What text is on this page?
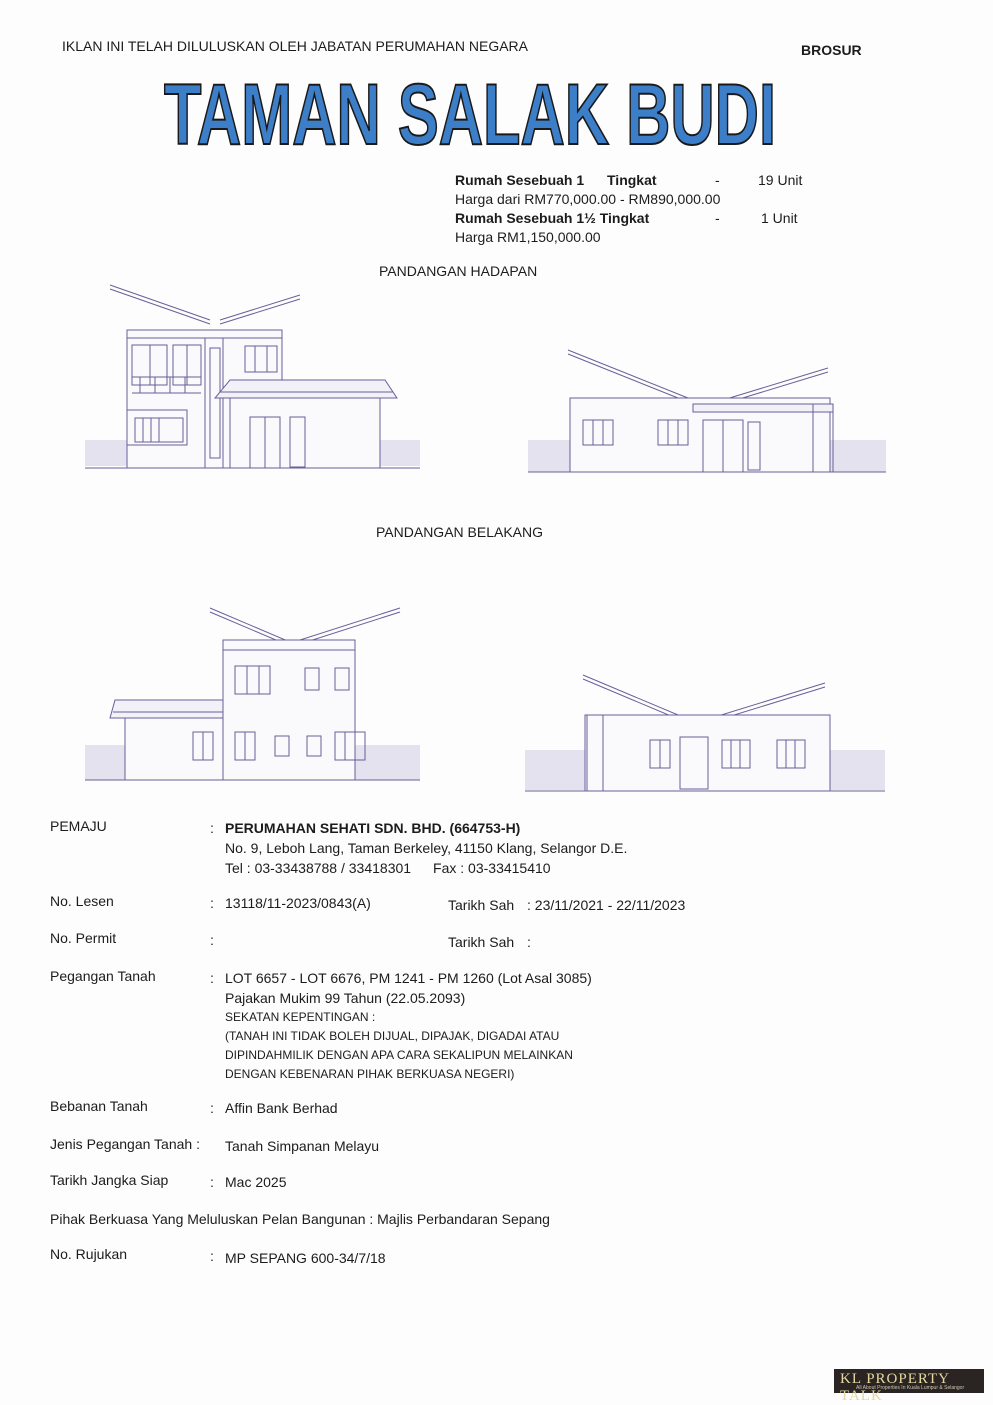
IKLAN INI TELAH DILULUSKAN OLEH JABATAN PERUMAHAN NEGARA	BROSUR
TAMAN SALAK BUDI
Rumah Sesebuah 1 Tingkat	-	19 Unit
Harga dari RM770,000.00 - RM890,000.00
Rumah Sesebuah 1½ Tingkat	-	1 Unit
Harga RM1,150,000.00
PANDANGAN HADAPAN
PANDANGAN BELAKANG
PEMAJU	: PERUMAHAN SEHATI SDN. BHD. (664753-H)
No. 9, Leboh Lang, Taman Berkeley, 41150 Klang, Selangor D.E.
Tel : 03-33438788 / 33418301 Fax : 03-33415410
No. Lesen	: 13118/11-2023/0843(A)	Tarikh Sah : 23/11/2021 - 22/11/2023
No. Permit	:	Tarikh Sah :
Pegangan Tanah	: LOT 6657 - LOT 6676, PM 1241 - PM 1260 (Lot Asal 3085)
Pajakan Mukim 99 Tahun (22.05.2093)
SEKATAN KEPENTINGAN :
(TANAH INI TIDAK BOLEH DIJUAL, DIPAJAK, DIGADAI ATAU
DIPINDAHMILIK DENGAN APA CARA SEKALIPUN MELAINKAN
DENGAN KEBENARAN PIHAK BERKUASA NEGERI)
Bebanan Tanah	: Affin Bank Berhad
Jenis Pegangan Tanah : Tanah Simpanan Melayu
Tarikh Jangka Siap	: Mac 2025
Pihak Berkuasa Yang Meluluskan Pelan Bangunan : Majlis Perbandaran Sepang
No. Rujukan	: MP SEPANG 600-34/7/18
KL PROPERTY TALK
All About Properties In Kuala Lumpur & Selangor
